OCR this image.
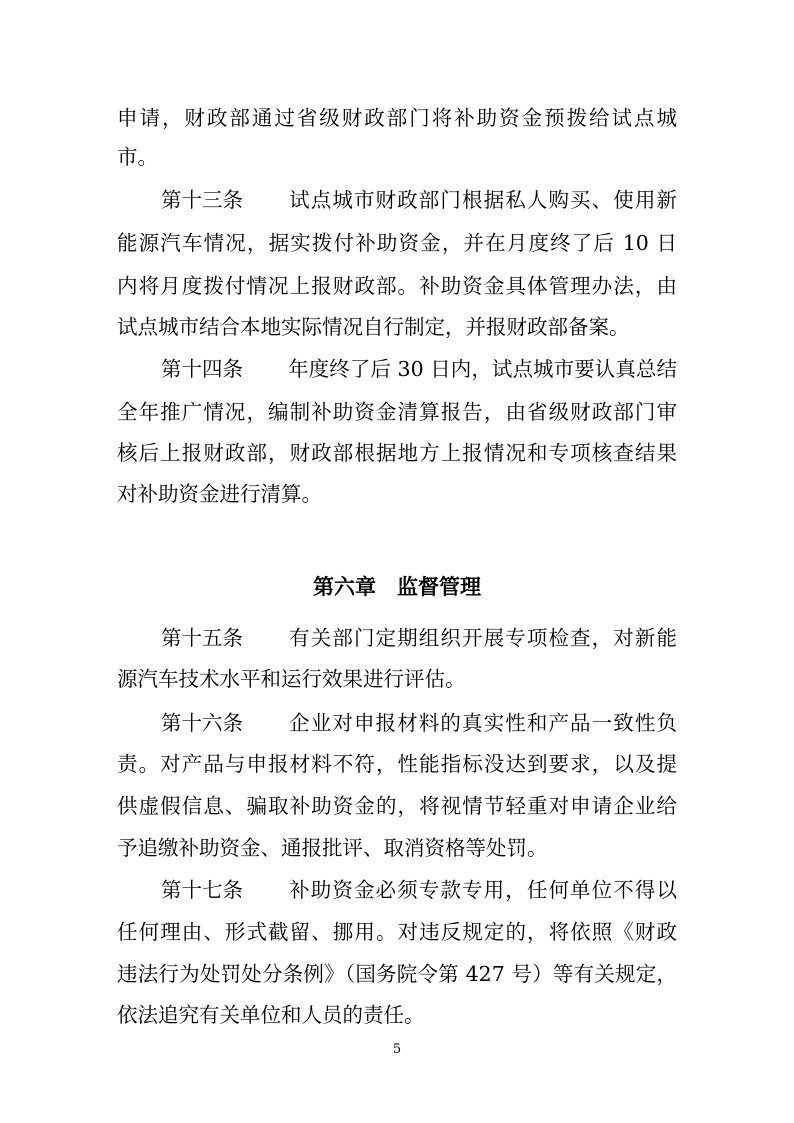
申请，财政部通过省级财政部门将补助资金预拨给试点城
市。
第十三条 试点城市财政部门根据私人购买、使用新
能源汽车情况，据实拨付补助资金，并在月度终了后 10 日
内将月度拨付情况上报财政部。补助资金具体管理办法，由
试点城市结合本地实际情况自行制定，并报财政部备案。
第十四条 年度终了后 30 日内，试点城市要认真总结
全年推广情况，编制补助资金清算报告，由省级财政部门审
核后上报财政部，财政部根据地方上报情况和专项核查结果
对补助资金进行清算。
第六章　监督管理
第十五条 有关部门定期组织开展专项检查，对新能
源汽车技术水平和运行效果进行评估。
第十六条 企业对申报材料的真实性和产品一致性负
责。对产品与申报材料不符，性能指标没达到要求，以及提
供虚假信息、骗取补助资金的，将视情节轻重对申请企业给
予追缴补助资金、通报批评、取消资格等处罚。
第十七条 补助资金必须专款专用，任何单位不得以
任何理由、形式截留、挪用。对违反规定的，将依照《财政
违法行为处罚处分条例》（国务院令第 427 号）等有关规定，
依法追究有关单位和人员的责任。
5
